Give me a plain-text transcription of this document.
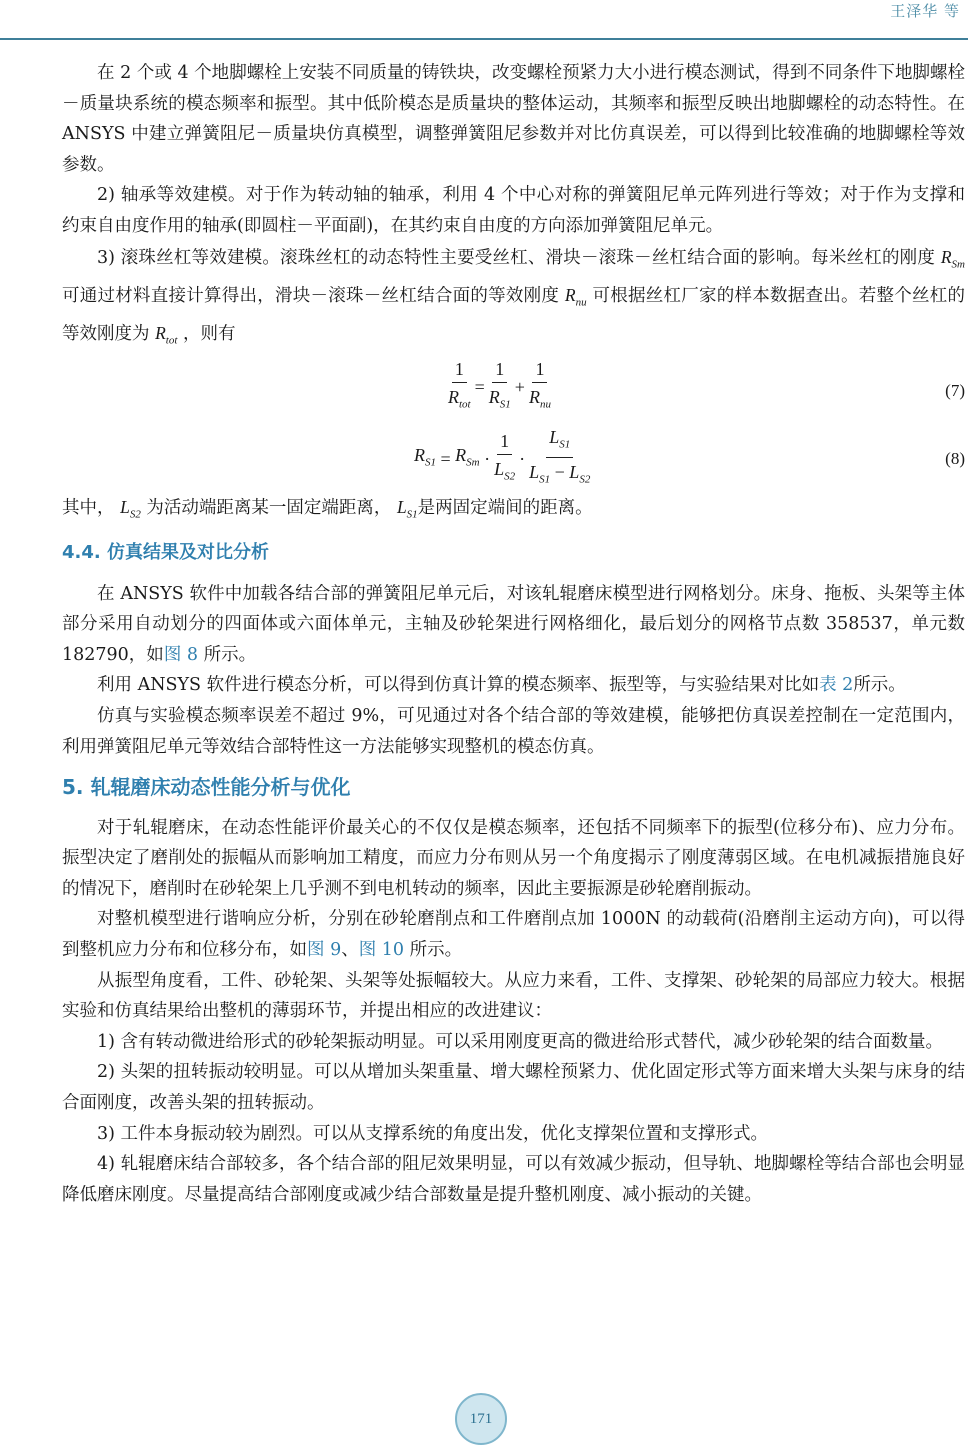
王泽华 等

在 2 个或 4 个地脚螺栓上安装不同质量的铸铁块，改变螺栓预紧力大小进行模态测试，得到不同条件下地脚螺栓－质量块系统的模态频率和振型。其中低阶模态是质量块的整体运动，其频率和振型反映出地脚螺栓的动态特性。在 ANSYS 中建立弹簧阻尼－质量块仿真模型，调整弹簧阻尼参数并对比仿真误差，可以得到比较准确的地脚螺栓等效参数。

2) 轴承等效建模。对于作为转动轴的轴承，利用 4 个中心对称的弹簧阻尼单元阵列进行等效；对于作为支撑和约束自由度作用的轴承(即圆柱－平面副)，在其约束自由度的方向添加弹簧阻尼单元。

3) 滚珠丝杠等效建模。滚珠丝杠的动态特性主要受丝杠、滑块－滚珠－丝杠结合面的影响。每米丝杠的刚度 $R_{Sm}$ 可通过材料直接计算得出，滑块－滚珠－丝杠结合面的等效刚度 $R_{nu}$ 可根据丝杠厂家的样本数据查出。若整个丝杠的等效刚度为 $R_{tot}$ ，则有

$\frac{1}{R_{tot}} = \frac{1}{R_{S1}} + \frac{1}{R_{nu}}$	(7)
$R_{S1}$
=
$R_{Sm}$
· $\frac{1}{L_{S2}} \cdot \frac{L_{S1}}{L_{S1} - L_{S2}}$	(8)

其中， $L_{S2}$ 为活动端距离某一固定端距离， $L_{S1}$是两固定端间的距离。

4.4. 仿真结果及对比分析

在 ANSYS 软件中加载各结合部的弹簧阻尼单元后，对该轧辊磨床模型进行网格划分。床身、拖板、头架等主体部分采用自动划分的四面体或六面体单元，主轴及砂轮架进行网格细化，最后划分的网格节点数 358537，单元数 182790，如图 8 所示。

利用 ANSYS 软件进行模态分析，可以得到仿真计算的模态频率、振型等，与实验结果对比如表 2所示。

仿真与实验模态频率误差不超过 9%，可见通过对各个结合部的等效建模，能够把仿真误差控制在一定范围内，利用弹簧阻尼单元等效结合部特性这一方法能够实现整机的模态仿真。

5. 轧辊磨床动态性能分析与优化

对于轧辊磨床，在动态性能评价最关心的不仅仅是模态频率，还包括不同频率下的振型(位移分布)、应力分布。振型决定了磨削处的振幅从而影响加工精度，而应力分布则从另一个角度揭示了刚度薄弱区域。在电机减振措施良好的情况下，磨削时在砂轮架上几乎测不到电机转动的频率，因此主要振源是砂轮磨削振动。

对整机模型进行谐响应分析，分别在砂轮磨削点和工件磨削点加 1000N 的动载荷(沿磨削主运动方向)，可以得到整机应力分布和位移分布，如图 9、图 10 所示。

从振型角度看，工件、砂轮架、头架等处振幅较大。从应力来看，工件、支撑架、砂轮架的局部应力较大。根据实验和仿真结果给出整机的薄弱环节，并提出相应的改进建议：

1) 含有转动微进给形式的砂轮架振动明显。可以采用刚度更高的微进给形式替代，减少砂轮架的结合面数量。

2) 头架的扭转振动较明显。可以从增加头架重量、增大螺栓预紧力、优化固定形式等方面来增大头架与床身的结合面刚度，改善头架的扭转振动。

3) 工件本身振动较为剧烈。可以从支撑系统的角度出发，优化支撑架位置和支撑形式。

4) 轧辊磨床结合部较多，各个结合部的阻尼效果明显，可以有效减少振动，但导轨、地脚螺栓等结合部也会明显降低磨床刚度。尽量提高结合部刚度或减少结合部数量是提升整机刚度、减小振动的关键。

171
